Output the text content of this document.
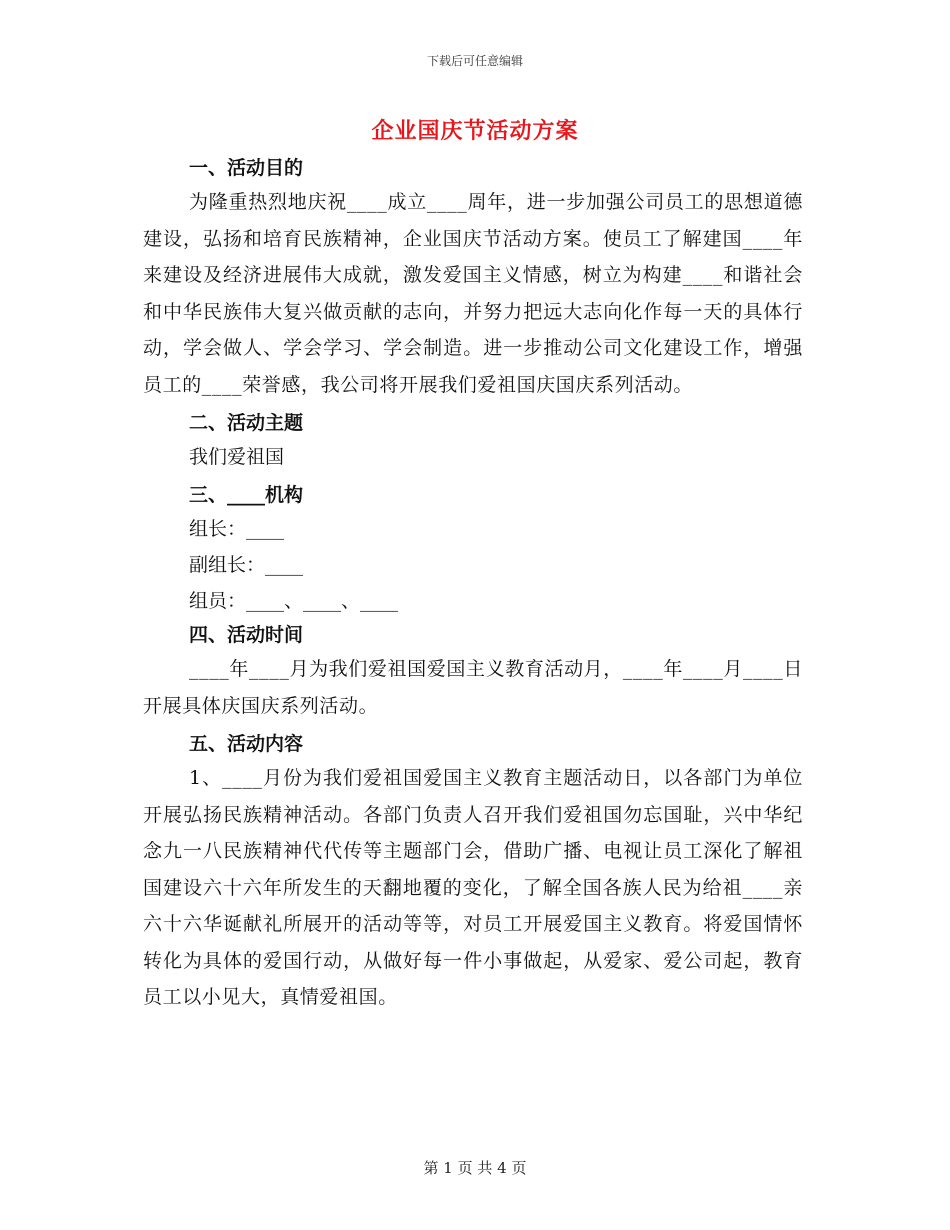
下载后可任意编辑
企业国庆节活动方案
一、活动目的

为隆重热烈地庆祝____成立____周年，进一步加强公司员工的思想道德建设，弘扬和培育民族精神，企业国庆节活动方案。使员工了解建国____年来建设及经济进展伟大成就，激发爱国主义情感，树立为构建____和谐社会和中华民族伟大复兴做贡献的志向，并努力把远大志向化作每一天的具体行动，学会做人、学会学习、学会制造。进一步推动公司文化建设工作，增强员工的____荣誉感，我公司将开展我们爱祖国庆国庆系列活动。

二、活动主题
我们爱祖国
三、____机构
组长：____
副组长：____
组员：____、____、____
四、活动时间

____年____月为我们爱祖国爱国主义教育活动月，____年____月____日开展具体庆国庆系列活动。

五、活动内容

1、____月份为我们爱祖国爱国主义教育主题活动日，以各部门为单位开展弘扬民族精神活动。各部门负责人召开我们爱祖国勿忘国耻，兴中华纪念九一八民族精神代代传等主题部门会，借助广播、电视让员工深化了解祖国建设六十六年所发生的天翻地覆的变化，了解全国各族人民为给祖____亲六十六华诞献礼所展开的活动等等，对员工开展爱国主义教育。将爱国情怀转化为具体的爱国行动，从做好每一件小事做起，从爱家、爱公司起，教育员工以小见大，真情爱祖国。

第 1 页 共 4 页
